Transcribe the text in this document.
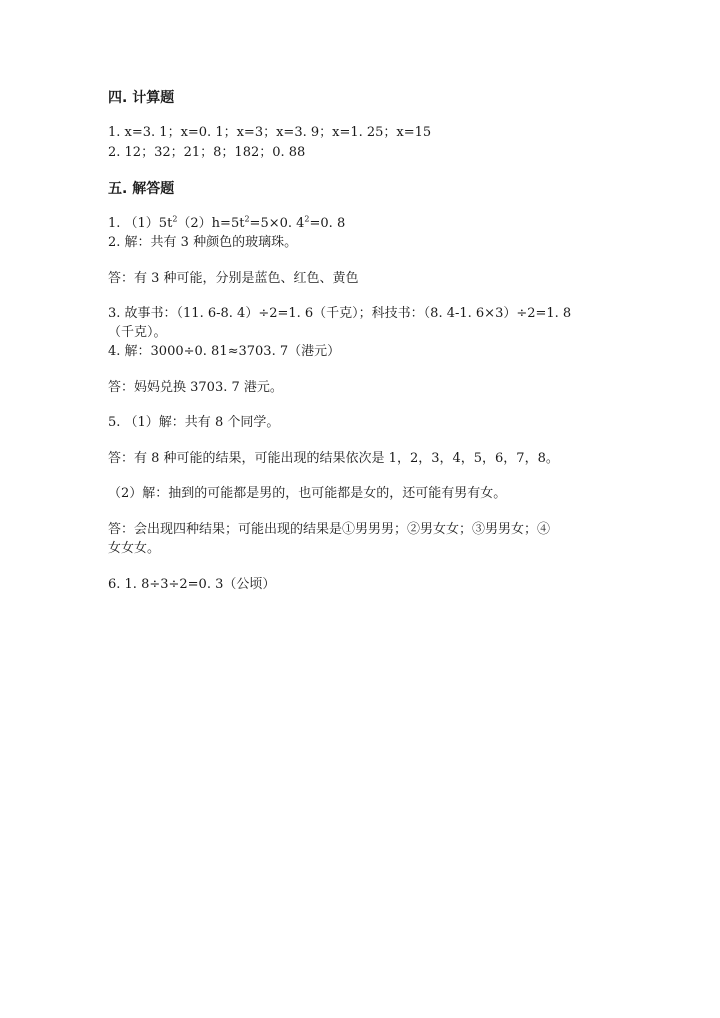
四. 计算题
1. x=3. 1；x=0. 1；x=3；x=3. 9；x=1. 25；x=15
2. 12；32；21；8；182；0. 88
五. 解答题
1. $(1)5t^2(2)h=5t^2=5\times 0$. $4^2=0$. 8
2. 解：共有 3 种颜色的玻璃珠。
答：有 3 种可能，分别是蓝色、红色、黄色
3. 故事书：（11. 6-8. 4）÷2=1. 6（千克）；科技书：（8. 4-1. 6×3）÷2=1. 8
（千克）。
4. 解：3000÷0. 81≈3703. 7（港元）
答：妈妈兑换 3703. 7 港元。
5. （1）解：共有 8 个同学。
答：有 8 种可能的结果，可能出现的结果依次是 1，2，3，4，5，6，7，8。
（2）解：抽到的可能都是男的，也可能都是女的，还可能有男有女。
答：会出现四种结果；可能出现的结果是①男男男；②男女女；③男男女；④
女女女。
6. 1. 8÷3÷2=0. 3（公顷）
